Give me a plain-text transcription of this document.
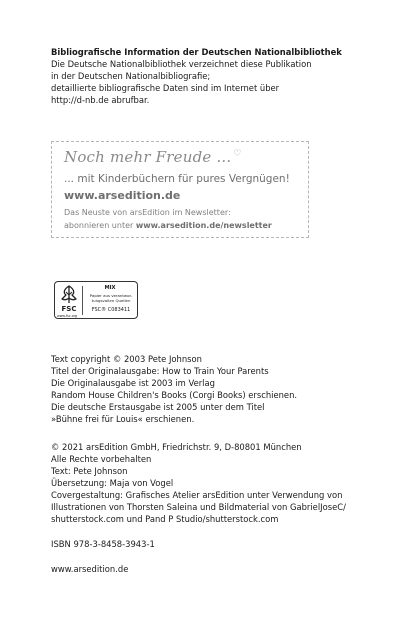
Bibliografische Information der Deutschen Nationalbibliothek
Die Deutsche Nationalbibliothek verzeichnet diese Publikation
in der Deutschen Nationalbibliografie;
detaillierte bibliografische Daten sind im Internet über
http://d-nb.de abrufbar.
Noch mehr Freude ... ♡
... mit Kinderbüchern für pures Vergnügen!
www.arsedition.de
Das Neuste von arsEdition im Newsletter:
abonnieren unter www.arsedition.de/newsletter
FSC
MIX
Papier aus verantwor-
tungsvollen Quellen
FSC® C083411
www.fsc.org
Text copyright © 2003 Pete Johnson
Titel der Originalausgabe: How to Train Your Parents
Die Originalausgabe ist 2003 im Verlag
Random House Children's Books (Corgi Books) erschienen.
Die deutsche Erstausgabe ist 2005 unter dem Titel
»Bühne frei für Louis« erschienen.
© 2021 arsEdition GmbH, Friedrichstr. 9, D-80801 München
Alle Rechte vorbehalten
Text: Pete Johnson
Übersetzung: Maja von Vogel
Covergestaltung: Grafisches Atelier arsEdition unter Verwendung von
Illustrationen von Thorsten Saleina und Bildmaterial von GabrielJoseC/
shutterstock.com und Pand P Studio/shutterstock.com
ISBN 978-3-8458-3943-1
www.arsedition.de
